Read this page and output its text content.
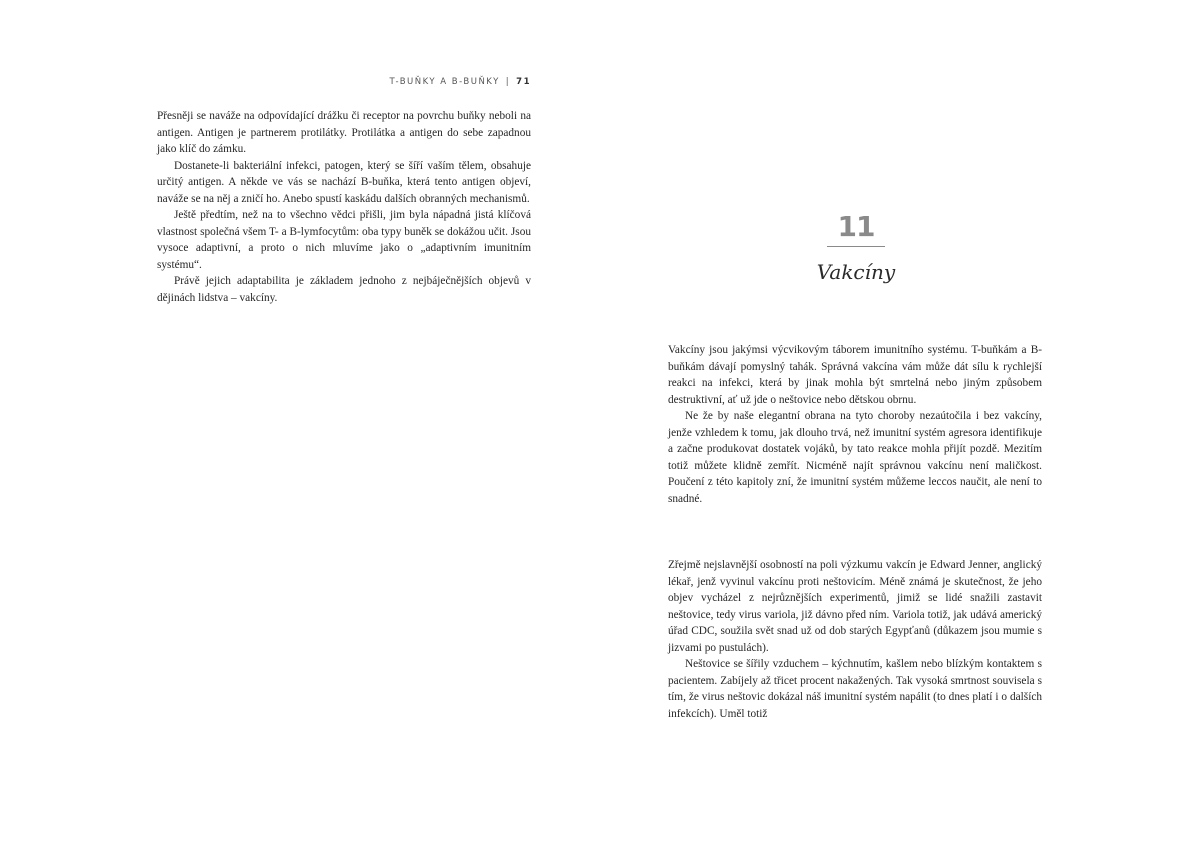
T-BUŇKY A B-BUŇKY | 71

Přesněji se naváže na odpovídající drážku či receptor na povrchu buňky neboli na antigen. Antigen je partnerem protilátky. Protilátka a antigen do sebe zapadnou jako klíč do zámku.

Dostanete-li bakteriální infekci, patogen, který se šíří vaším tělem, obsahuje určitý antigen. A někde ve vás se nachází B-buňka, která tento antigen objeví, naváže se na něj a zničí ho. Anebo spustí kaskádu dalších obranných mechanismů.

Ještě předtím, než na to všechno vědci přišli, jim byla nápadná jistá klíčová vlastnost společná všem T- a B-lymfocytům: oba typy buněk se dokážou učit. Jsou vysoce adaptivní, a proto o nich mluvíme jako o „adaptivním imunitním systému“.

Právě jejich adaptabilita je základem jednoho z nejbáječnějších objevů v dějinách lidstva – vakcíny.

11
Vakcíny

Vakcíny jsou jakýmsi výcvikovým táborem imunitního systému. T-buňkám a B-buňkám dávají pomyslný tahák. Správná vakcína vám může dát sílu k rychlejší reakci na infekci, která by jinak mohla být smrtelná nebo jiným způsobem destruktivní, ať už jde o neštovice nebo dětskou obrnu.

Ne že by naše elegantní obrana na tyto choroby nezaútočila i bez vakcíny, jenže vzhledem k tomu, jak dlouho trvá, než imunitní systém agresora identifikuje a začne produkovat dostatek vojáků, by tato reakce mohla přijít pozdě. Mezitím totiž můžete klidně zemřít. Nicméně najít správnou vakcínu není maličkost. Poučení z této kapitoly zní, že imunitní systém můžeme leccos naučit, ale není to snadné.

Zřejmě nejslavnější osobností na poli výzkumu vakcín je Edward Jenner, anglický lékař, jenž vyvinul vakcínu proti neštovicím. Méně známá je skutečnost, že jeho objev vycházel z nejrůznějších experimentů, jimiž se lidé snažili zastavit neštovice, tedy virus variola, již dávno před ním. Variola totiž, jak udává americký úřad CDC, soužila svět snad už od dob starých Egypťanů (důkazem jsou mumie s jizvami po pustulách).

Neštovice se šířily vzduchem – kýchnutím, kašlem nebo blízkým kontaktem s pacientem. Zabíjely až třicet procent nakažených. Tak vysoká smrtnost souvisela s tím, že virus neštovic dokázal náš imunitní systém napálit (to dnes platí i o dalších infekcích). Uměl totiž
